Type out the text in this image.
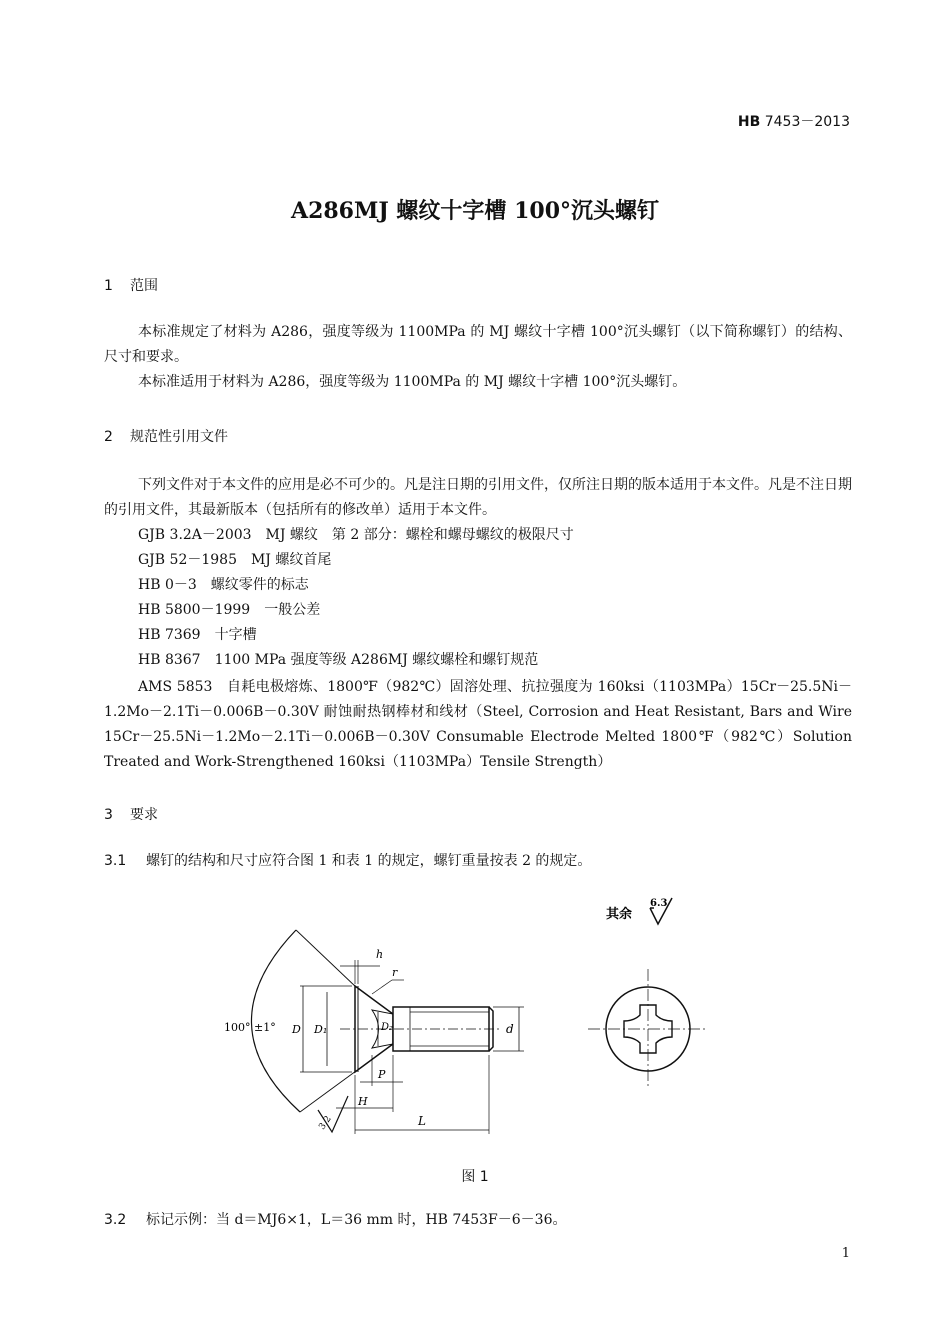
HB 7453－2013
A286MJ 螺纹十字槽 100°沉头螺钉
1 范围
本标准规定了材料为 A286，强度等级为 1100MPa 的 MJ 螺纹十字槽 100°沉头螺钉（以下简称螺钉）的结构、尺寸和要求。
本标准适用于材料为 A286，强度等级为 1100MPa 的 MJ 螺纹十字槽 100°沉头螺钉。
2 规范性引用文件
下列文件对于本文件的应用是必不可少的。凡是注日期的引用文件，仅所注日期的版本适用于本文件。凡是不注日期的引用文件，其最新版本（包括所有的修改单）适用于本文件。
GJB 3.2A－2003　MJ 螺纹　第 2 部分：螺栓和螺母螺纹的极限尺寸
GJB 52－1985　MJ 螺纹首尾
HB 0－3　螺纹零件的标志
HB 5800－1999　一般公差
HB 7369　十字槽
HB 8367　1100 MPa 强度等级 A286MJ 螺纹螺栓和螺钉规范
AMS 5853　自耗电极熔炼、1800℉（982℃）固溶处理、抗拉强度为 160ksi（1103MPa）15Cr－25.5Ni－1.2Mo－2.1Ti－0.006B－0.30V 耐蚀耐热钢棒材和线材（Steel, Corrosion and Heat Resistant, Bars and Wire 15Cr－25.5Ni－1.2Mo－2.1Ti－0.006B－0.30V Consumable Electrode Melted 1800℉（982℃）Solution Treated and Work-Strengthened 160ksi（1103MPa）Tensile Strength）
3 要求
3.1 螺钉的结构和尺寸应符合图 1 和表 1 的规定，螺钉重量按表 2 的规定。
其余
6.3
100° ±1° D D₁	D₂	d
h
r
P
H
L
3.2
图 1
3.2 标记示例：当 d＝MJ6×1，L＝36 mm 时，HB 7453F－6－36。
1
